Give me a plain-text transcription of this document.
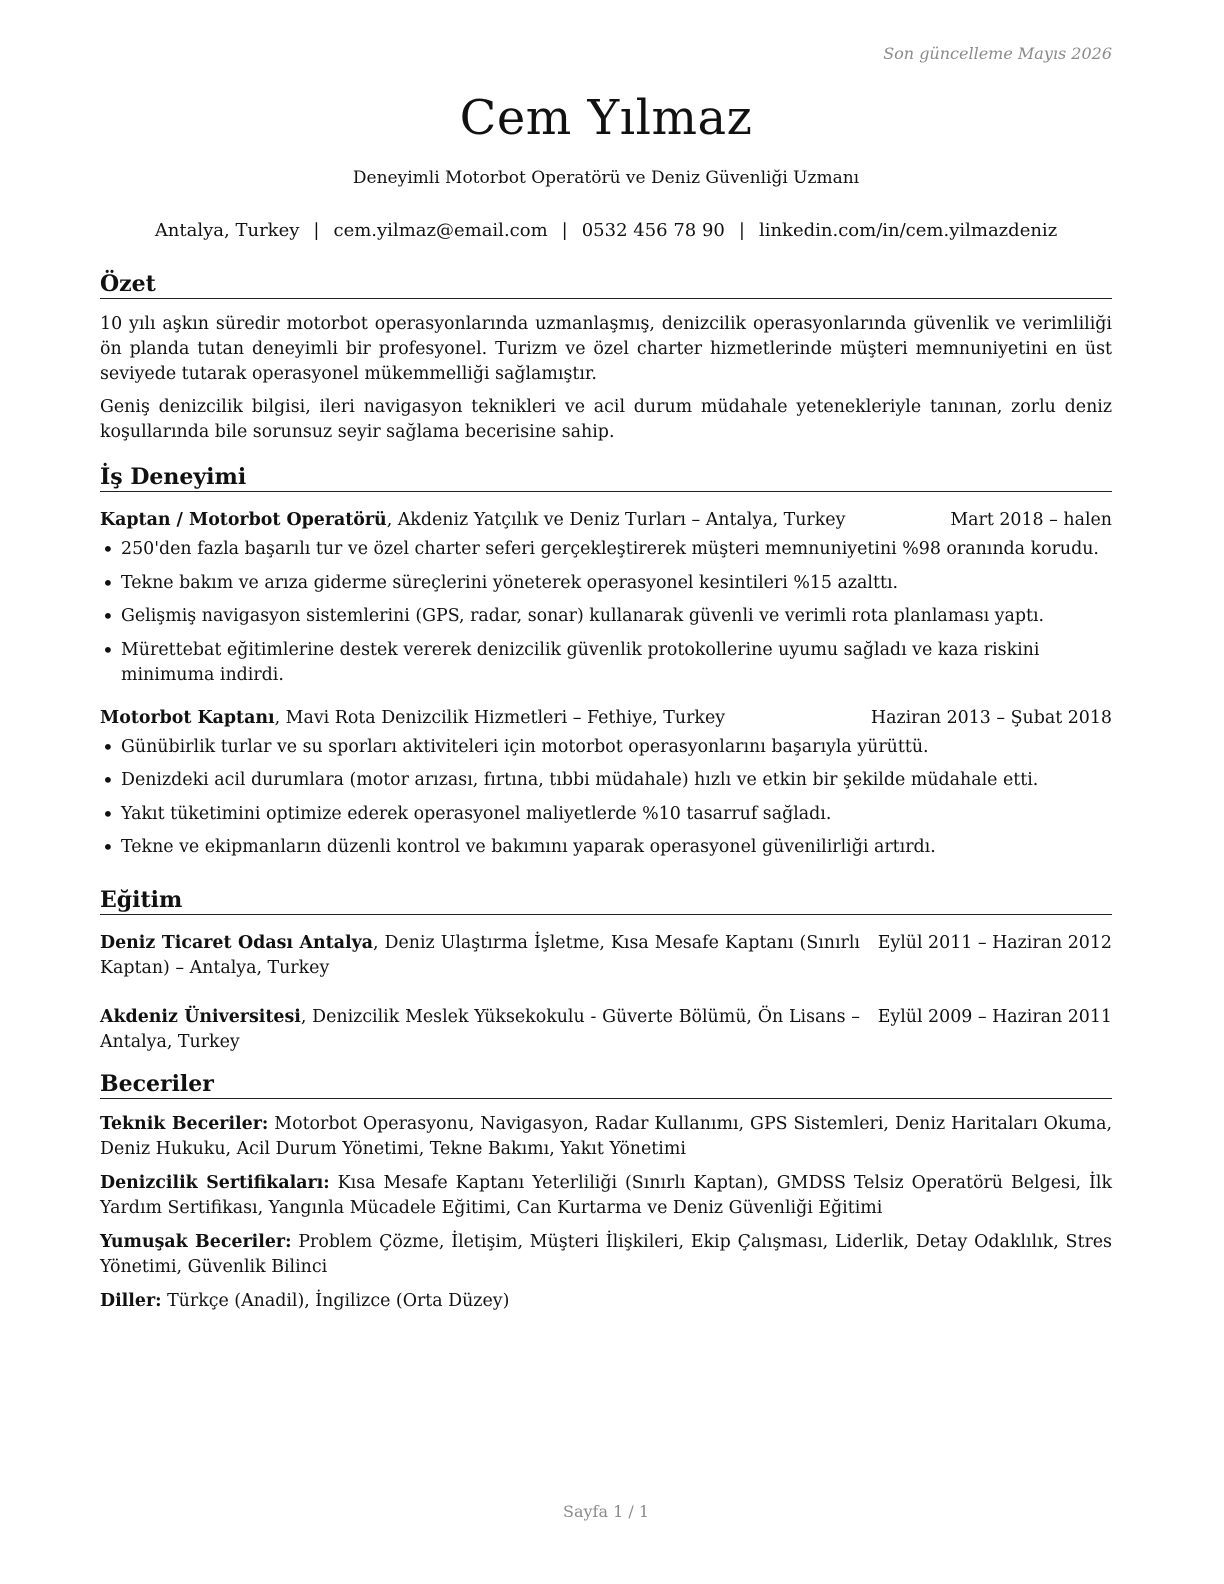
Son güncelleme Mayıs 2026
Cem Yılmaz
Deneyimli Motorbot Operatörü ve Deniz Güvenliği Uzmanı
Antalya, Turkey | cem.yilmaz@email.com | 0532 456 78 90 | linkedin.com/in/cem.yilmazdeniz
Özet

10 yılı aşkın süredir motorbot operasyonlarında uzmanlaşmış, denizcilik operasyonlarında güvenlik ve verimliliği ön planda tutan deneyimli bir profesyonel. Turizm ve özel charter hizmetlerinde müşteri memnuniyetini en üst seviyede tutarak operasyonel mükemmelliği sağlamıştır.

Geniş denizcilik bilgisi, ileri navigasyon teknikleri ve acil durum müdahale yetenekleriyle tanınan, zorlu deniz koşullarında bile sorunsuz seyir sağlama becerisine sahip.

İş Deneyimi
Kaptan / Motorbot Operatörü, Akdeniz Yatçılık ve Deniz Turları – Antalya, Turkey	Mart 2018 – halen
• 250'den fazla başarılı tur ve özel charter seferi gerçekleştirerek müşteri memnuniyetini %98 oranında korudu.
• Tekne bakım ve arıza giderme süreçlerini yöneterek operasyonel kesintileri %15 azalttı.
• Gelişmiş navigasyon sistemlerini (GPS, radar, sonar) kullanarak güvenli ve verimli rota planlaması yaptı.
• Mürettebat eğitimlerine destek vererek denizcilik güvenlik protokollerine uyumu sağladı ve kaza riskini minimuma indirdi.
Motorbot Kaptanı, Mavi Rota Denizcilik Hizmetleri – Fethiye, Turkey	Haziran 2013 – Şubat 2018
• Günübirlik turlar ve su sporları aktiviteleri için motorbot operasyonlarını başarıyla yürüttü.
• Denizdeki acil durumlara (motor arızası, fırtına, tıbbi müdahale) hızlı ve etkin bir şekilde müdahale etti.
• Yakıt tüketimini optimize ederek operasyonel maliyetlerde %10 tasarruf sağladı.
• Tekne ve ekipmanların düzenli kontrol ve bakımını yaparak operasyonel güvenilirliği artırdı.
Eğitim
Deniz Ticaret Odası Antalya, Deniz Ulaştırma İşletme, Kısa Mesafe Kaptanı (Sınırlı Kaptan) – Antalya, Turkey
Eylül 2011 – Haziran 2012
Akdeniz Üniversitesi, Denizcilik Meslek Yüksekokulu - Güverte Bölümü, Ön Lisans – Antalya, Turkey
Eylül 2009 – Haziran 2011
Beceriler
Teknik Beceriler: Motorbot Operasyonu, Navigasyon, Radar Kullanımı, GPS Sistemleri, Deniz Haritaları Okuma, Deniz Hukuku, Acil Durum Yönetimi, Tekne Bakımı, Yakıt Yönetimi
Denizcilik Sertifikaları: Kısa Mesafe Kaptanı Yeterliliği (Sınırlı Kaptan), GMDSS Telsiz Operatörü Belgesi, İlk Yardım Sertifikası, Yangınla Mücadele Eğitimi, Can Kurtarma ve Deniz Güvenliği Eğitimi
Yumuşak Beceriler: Problem Çözme, İletişim, Müşteri İlişkileri, Ekip Çalışması, Liderlik, Detay Odaklılık, Stres Yönetimi, Güvenlik Bilinci
Diller: Türkçe (Anadil), İngilizce (Orta Düzey)
Sayfa 1 / 1
